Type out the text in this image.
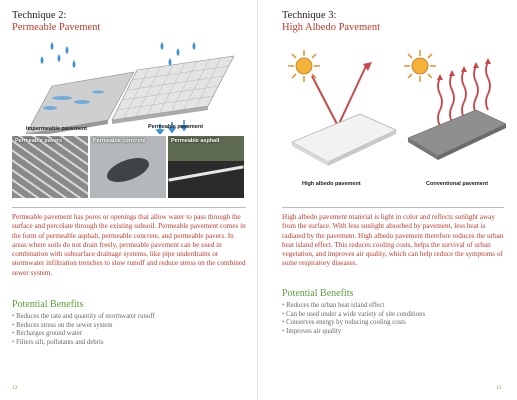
Technique 2:
Permeable Pavement
Impermeable pavement	Permeable pavement
Permeable pavers	Permeable concrete	Permeable asphalt

Permeable pavement has pores or openings that allow water to pass through the surface and percolate through the existing subsoil. Permeable pavement comes in the form of permeable asphalt, permeable concrete, and permeable pavers. In areas where soils do not drain freely, permeable pavement can be used in combination with subsurface drainage systems, like pipe underdrains or stormwater infiltration trenches to slow runoff and reduce stress on the combined sewer system.

Potential Benefits
• Reduces the rate and quantity of stormwater runoff
• Reduces stress on the sewer system
• Recharges ground water
• Filters silt, pollutants and debris
12
Technique 3:
High Albedo Pavement
High albedo pavement	Conventional pavement

High albedo pavement material is light in color and reflects sunlight away from the surface. With less sunlight absorbed by pavement, less heat is radiated by the pavement. High albedo pavement therefore reduces the urban heat island effect. This reduces cooling costs, helps the survival of urban vegetation, and improves air quality, which can help reduce the symptoms of some respiratory diseases.

Potential Benefits
• Reduces the urban heat island effect
• Can be used under a wide variety of site conditions
• Conserves energy by reducing cooling costs
• Improves air quality
13
